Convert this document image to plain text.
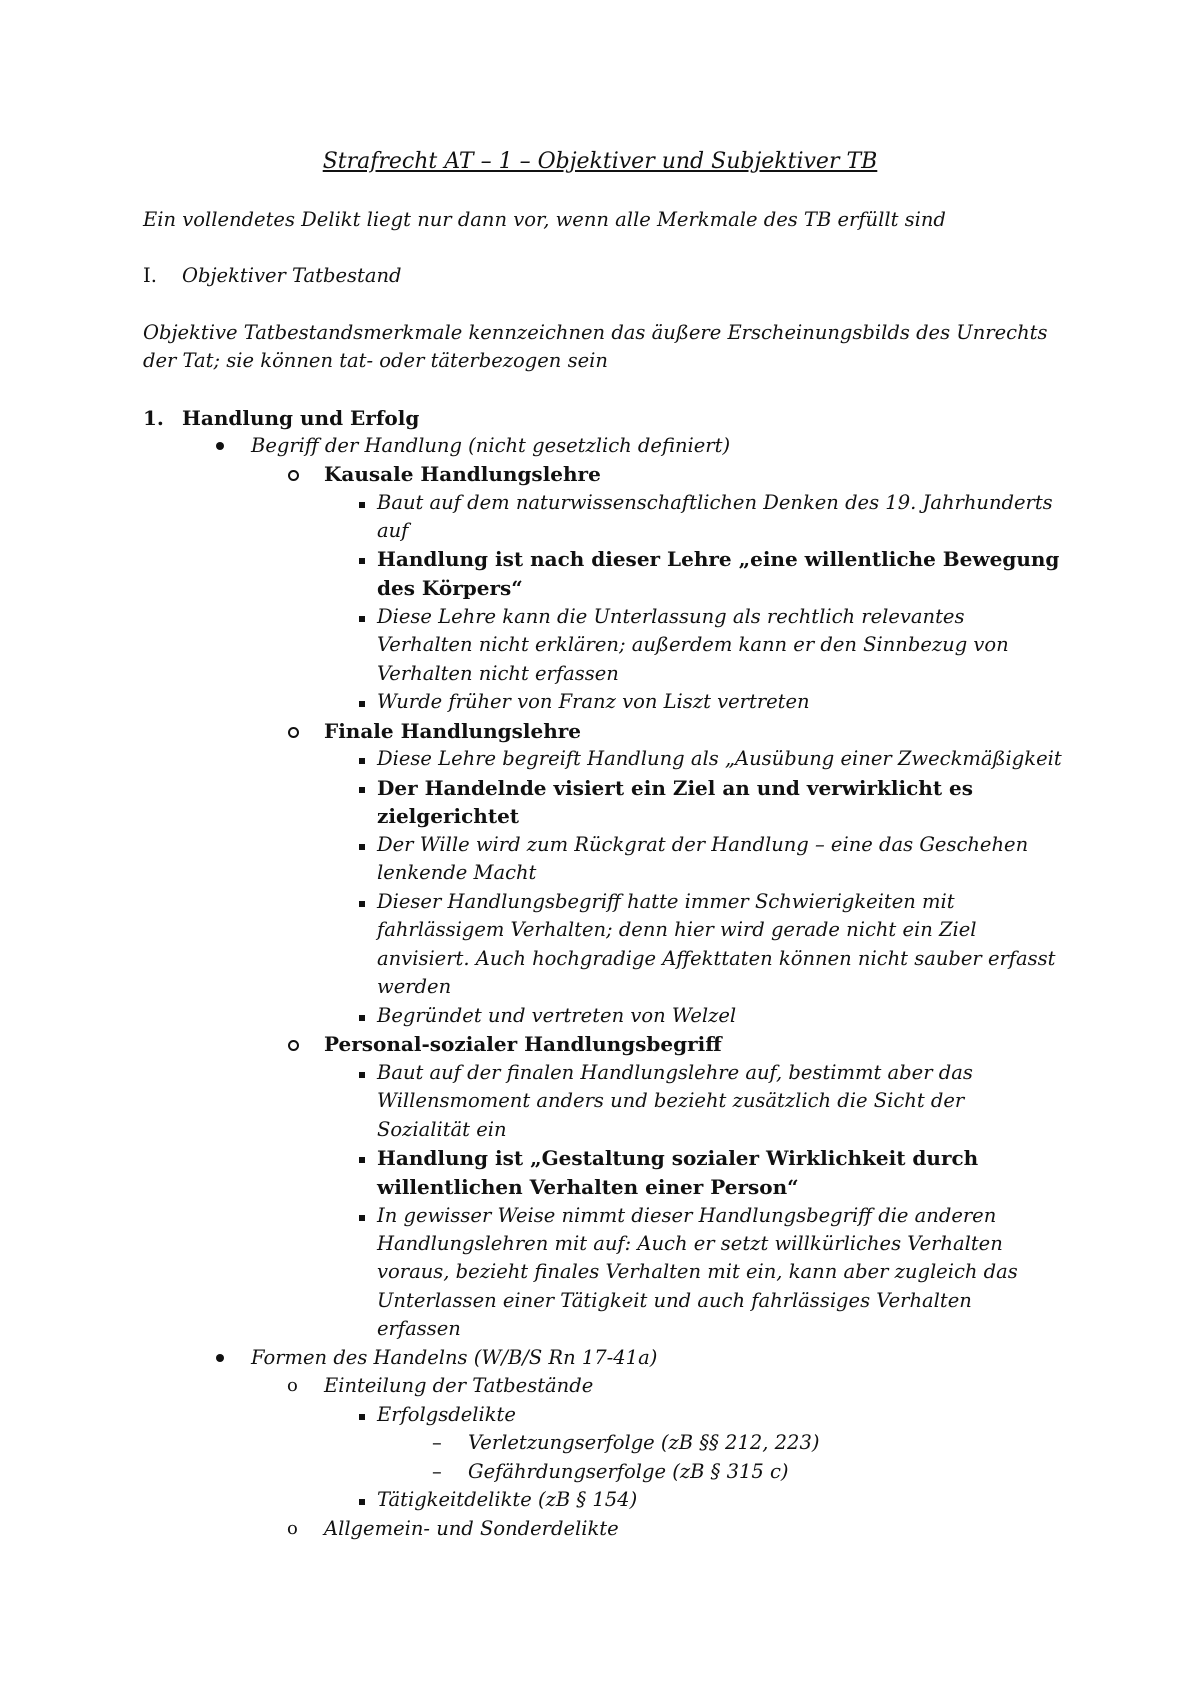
Strafrecht AT – 1 – Objektiver und Subjektiver TB
Ein vollendetes Delikt liegt nur dann vor, wenn alle Merkmale des TB erfüllt sind
I. Objektiver Tatbestand
Objektive Tatbestandsmerkmale kennzeichnen das äußere Erscheinungsbilds des Unrechts
der Tat; sie können tat- oder täterbezogen sein
1. Handlung und Erfolg
Begriff der Handlung (nicht gesetzlich definiert)
Kausale Handlungslehre
Baut auf dem naturwissenschaftlichen Denken des 19. Jahrhunderts
auf
Handlung ist nach dieser Lehre „eine willentliche Bewegung
des Körpers“
Diese Lehre kann die Unterlassung als rechtlich relevantes
Verhalten nicht erklären; außerdem kann er den Sinnbezug von
Verhalten nicht erfassen
Wurde früher von Franz von Liszt vertreten
Finale Handlungslehre
Diese Lehre begreift Handlung als „Ausübung einer Zweckmäßigkeit
Der Handelnde visiert ein Ziel an und verwirklicht es
zielgerichtet
Der Wille wird zum Rückgrat der Handlung – eine das Geschehen
lenkende Macht
Dieser Handlungsbegriff hatte immer Schwierigkeiten mit
fahrlässigem Verhalten; denn hier wird gerade nicht ein Ziel
anvisiert. Auch hochgradige Affekttaten können nicht sauber erfasst
werden
Begründet und vertreten von Welzel
Personal-sozialer Handlungsbegriff
Baut auf der finalen Handlungslehre auf, bestimmt aber das
Willensmoment anders und bezieht zusätzlich die Sicht der
Sozialität ein
Handlung ist „Gestaltung sozialer Wirklichkeit durch
willentlichen Verhalten einer Person“
In gewisser Weise nimmt dieser Handlungsbegriff die anderen
Handlungslehren mit auf: Auch er setzt willkürliches Verhalten
voraus, bezieht finales Verhalten mit ein, kann aber zugleich das
Unterlassen einer Tätigkeit und auch fahrlässiges Verhalten
erfassen
Formen des Handelns (W/B/S Rn 17-41a)
o Einteilung der Tatbestände
Erfolgsdelikte
– Verletzungserfolge (zB §§ 212, 223)
– Gefährdungserfolge (zB § 315 c)
Tätigkeitdelikte (zB § 154)
o Allgemein- und Sonderdelikte
